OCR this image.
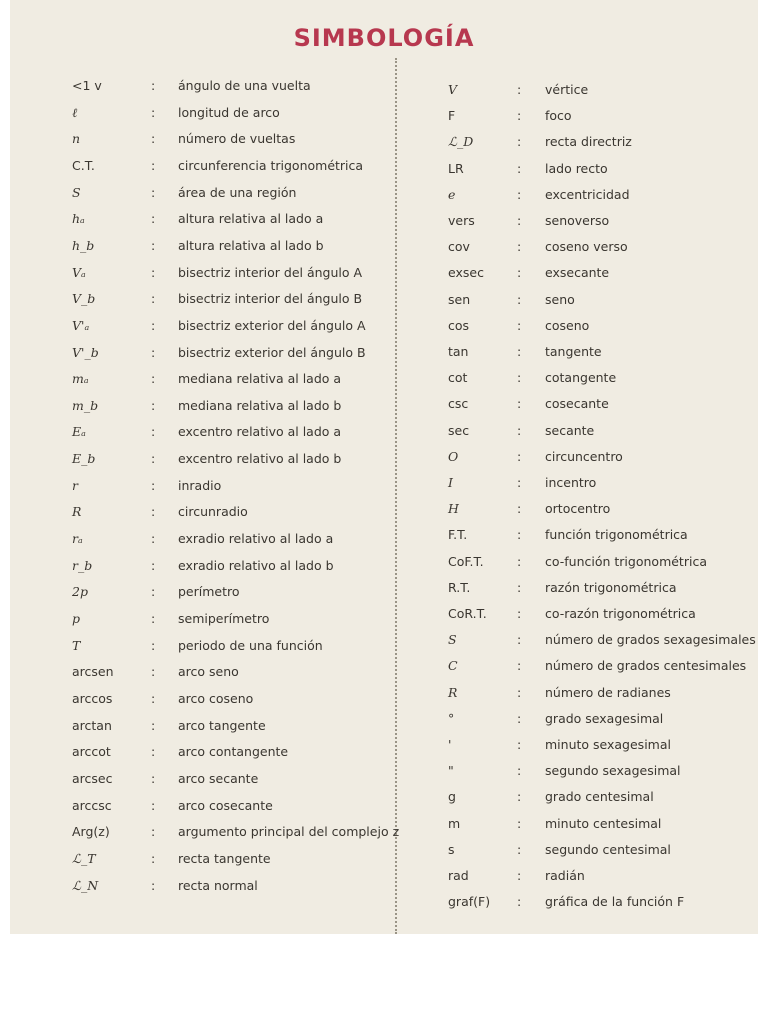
SIMBOLOGÍA
<1 v	: ángulo de una vuelta
ℓ	: longitud de arco
n	: número de vueltas
C.T.	: circunferencia trigonométrica
S	: área de una región
hₐ	: altura relativa al lado a
h_b	: altura relativa al lado b
Vₐ	: bisectriz interior del ángulo A
V_b	: bisectriz interior del ángulo B
V'ₐ	: bisectriz exterior del ángulo A
V'_b	: bisectriz exterior del ángulo B
mₐ	: mediana relativa al lado a
m_b	: mediana relativa al lado b
Eₐ	: excentro relativo al lado a
E_b	: excentro relativo al lado b
r	: inradio
R	: circunradio
rₐ	: exradio relativo al lado a
r_b	: exradio relativo al lado b
2p	: perímetro
p	: semiperímetro
T	: periodo de una función
arcsen	: arco seno
arccos	: arco coseno
arctan	: arco tangente
arccot	: arco contangente
arcsec	: arco secante
arccsc	: arco cosecante
Arg(z)	: argumento principal del complejo z
ℒ_T	: recta tangente
ℒ_N	: recta normal
V	: vértice
F	: foco
ℒ_D	: recta directriz
LR	: lado recto
e	: excentricidad
vers	: senoverso
cov	: coseno verso
exsec	: exsecante
sen	: seno
cos	: coseno
tan	: tangente
cot	: cotangente
csc	: cosecante
sec	: secante
O	: circuncentro
I	: incentro
H	: ortocentro
F.T.	: función trigonométrica
CoF.T.	: co-función trigonométrica
R.T.	: razón trigonométrica
CoR.T. : co-razón trigonométrica
S	: número de grados sexagesimales
C	: número de grados centesimales
R	: número de radianes
°	: grado sexagesimal
'	: minuto sexagesimal
"	: segundo sexagesimal
g	: grado centesimal
m	: minuto centesimal
s	: segundo centesimal
rad	: radián
graf(F) : gráfica de la función F
